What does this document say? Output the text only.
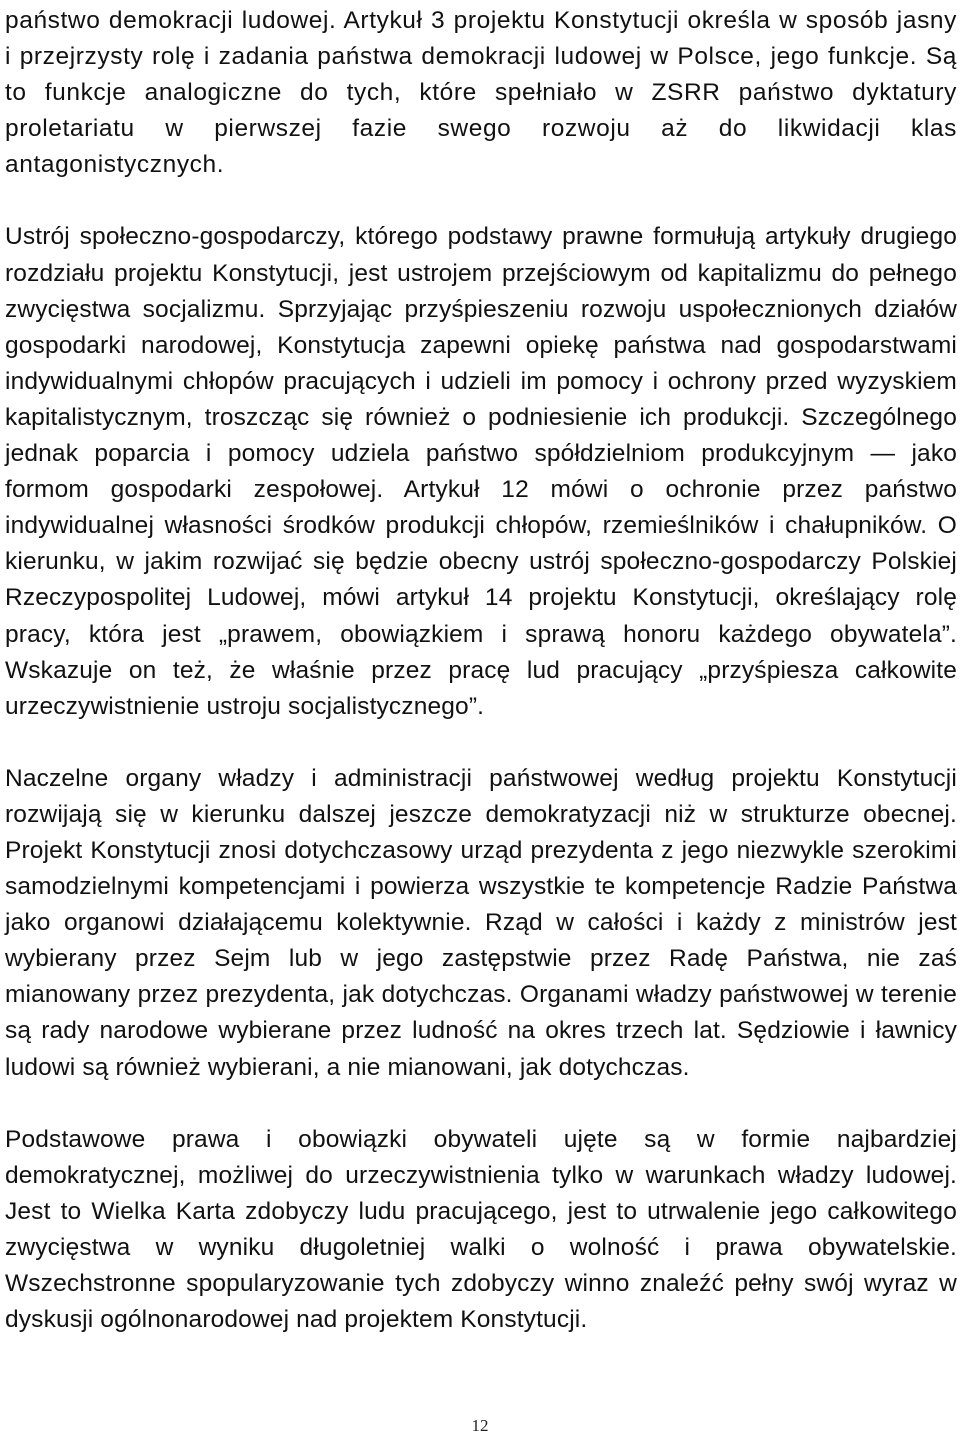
państwo demokracji ludowej. Artykuł 3 projektu Konstytucji określa w sposób jasny i przejrzysty rolę i zadania państwa demokracji ludowej w Polsce, jego funkcje. Są to funkcje analogiczne do tych, które spełniało w ZSRR państwo dyktatury proletariatu w pierwszej fazie swego rozwoju aż do likwidacji klas antagonistycznych.

Ustrój społeczno-gospodarczy, którego podstawy prawne formułują artykuły drugiego rozdziału projektu Konstytucji, jest ustrojem przejściowym od kapitalizmu do pełnego zwycięstwa socjalizmu. Sprzyjając przyśpieszeniu rozwoju uspołecznionych działów gospodarki narodowej, Konstytucja zapewni opiekę państwa nad gospodarstwami indywidualnymi chłopów pracujących i udzieli im pomocy i ochrony przed wyzyskiem kapitalistycznym, troszcząc się również o podniesienie ich produkcji. Szczególnego jednak poparcia i pomocy udziela państwo spółdzielniom produkcyjnym — jako formom gospodarki zespołowej. Artykuł 12 mówi o ochronie przez państwo indywidualnej własności środków produkcji chłopów, rzemieślników i chałupników. O kierunku, w jakim rozwijać się będzie obecny ustrój społeczno-gospodarczy Polskiej Rzeczypospolitej Ludowej, mówi artykuł 14 projektu Konstytucji, określający rolę pracy, która jest „prawem, obowiązkiem i sprawą honoru każdego obywatela”. Wskazuje on też, że właśnie przez pracę lud pracujący „przyśpiesza całkowite urzeczywistnienie ustroju socjalistycznego”.

Naczelne organy władzy i administracji państwowej według projektu Konstytucji rozwijają się w kierunku dalszej jeszcze demokratyzacji niż w strukturze obecnej. Projekt Konstytucji znosi dotychczasowy urząd prezydenta z jego niezwykle szerokimi samodzielnymi kompetencjami i powierza wszystkie te kompetencje Radzie Państwa jako organowi działającemu kolektywnie. Rząd w całości i każdy z ministrów jest wybierany przez Sejm lub w jego zastępstwie przez Radę Państwa, nie zaś mianowany przez prezydenta, jak dotychczas. Organami władzy państwowej w terenie są rady narodowe wybierane przez ludność na okres trzech lat. Sędziowie i ławnicy ludowi są również wybierani, a nie mianowani, jak dotychczas.

Podstawowe prawa i obowiązki obywateli ujęte są w formie najbardziej demokratycznej, możliwej do urzeczywistnienia tylko w warunkach władzy ludowej. Jest to Wielka Karta zdobyczy ludu pracującego, jest to utrwalenie jego całkowitego zwycięstwa w wyniku długoletniej walki o wolność i prawa obywatelskie. Wszechstronne spopularyzowanie tych zdobyczy winno znaleźć pełny swój wyraz w dyskusji ogólnonarodowej nad projektem Konstytucji.

12
